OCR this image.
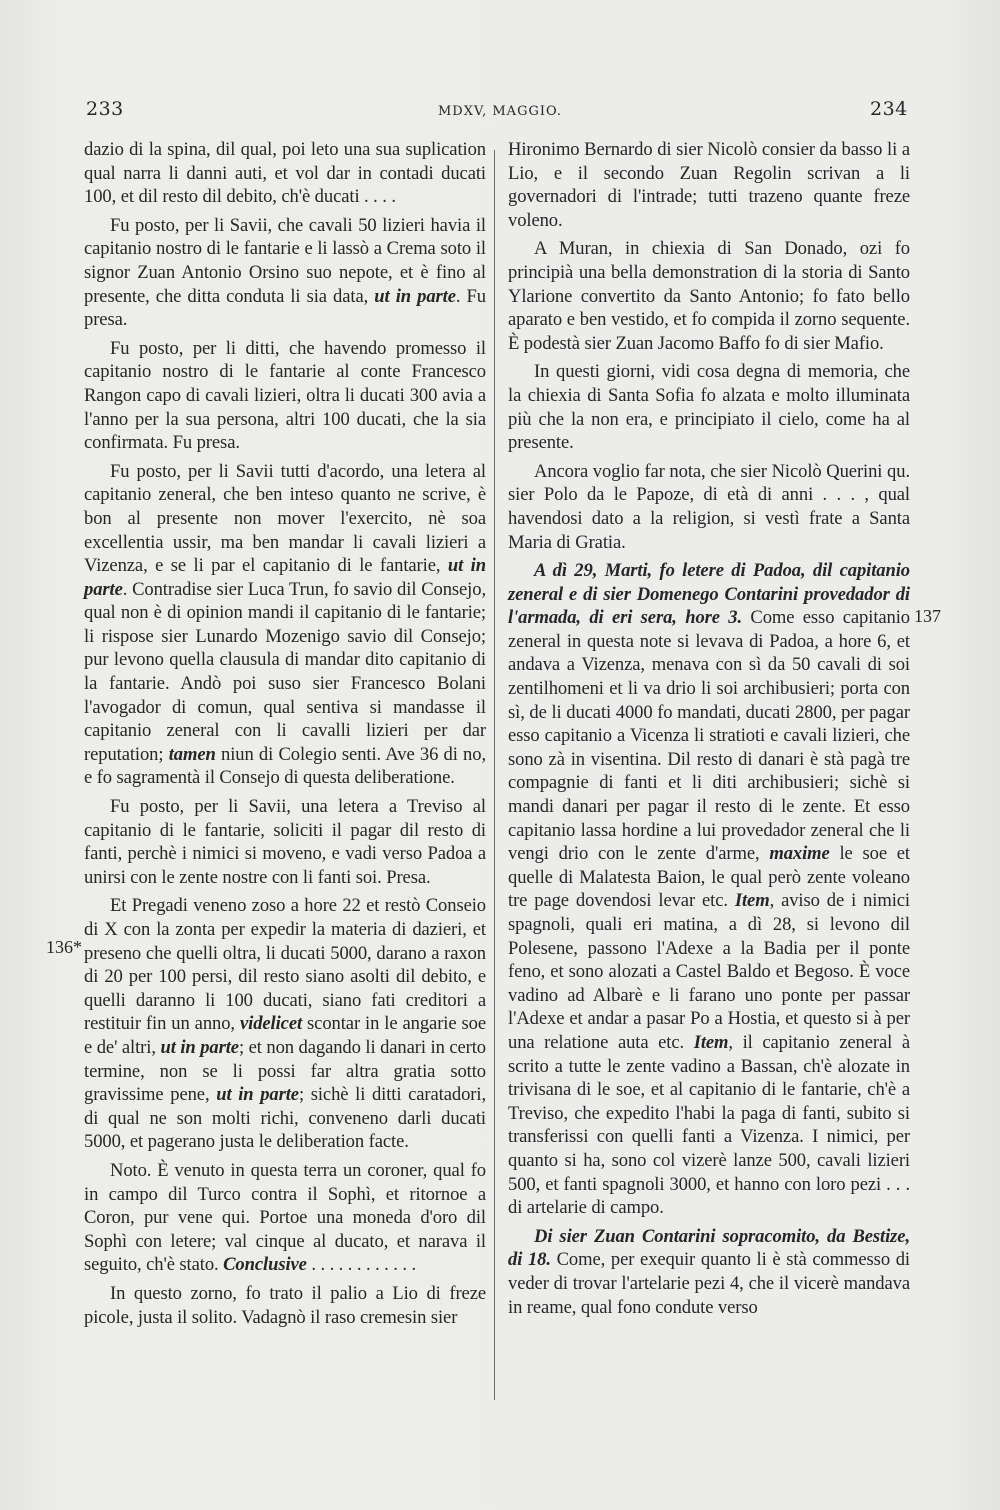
233	MDXV, MAGGIO.	234
136*
137

dazio di la spina, dil qual, poi leto una sua suplication qual narra li danni auti, et vol dar in contadi ducati 100, et dil resto dil debito, ch'è ducati . . . .

Fu posto, per li Savii, che cavali 50 lizieri havia il capitanio nostro di le fantarie e li lassò a Crema soto il signor Zuan Antonio Orsino suo nepote, et è fino al presente, che ditta conduta li sia data, ut in parte. Fu presa.

Fu posto, per li ditti, che havendo promesso il capitanio nostro di le fantarie al conte Francesco Rangon capo di cavali lizieri, oltra li ducati 300 avia a l'anno per la sua persona, altri 100 ducati, che la sia confirmata. Fu presa.

Fu posto, per li Savii tutti d'acordo, una letera al capitanio zeneral, che ben inteso quanto ne scrive, è bon al presente non mover l'exercito, nè soa excellentia ussir, ma ben mandar li cavali lizieri a Vizenza, e se li par el capitanio di le fantarie, ut in parte. Contradise sier Luca Trun, fo savio dil Consejo, qual non è di opinion mandi il capitanio di le fantarie; li rispose sier Lunardo Mozenigo savio dil Consejo; pur levono quella clausula di mandar dito capitanio di la fantarie. Andò poi suso sier Francesco Bolani l'avogador di comun, qual sentiva si mandasse il capitanio zeneral con li cavalli lizieri per dar reputation; tamen niun di Colegio senti. Ave 36 di no, e fo sagramentà il Consejo di questa deliberatione.

Fu posto, per li Savii, una letera a Treviso al capitanio di le fantarie, soliciti il pagar dil resto di fanti, perchè i nimici si moveno, e vadi verso Padoa a unirsi con le zente nostre con li fanti soi. Presa.

Et Pregadi veneno zoso a hore 22 et restò Conseio di X con la zonta per expedir la materia di dazieri, et preseno che quelli oltra, li ducati 5000, darano a raxon di 20 per 100 persi, dil resto siano asolti dil debito, e quelli daranno li 100 ducati, siano fati creditori a restituir fin un anno, videlicet scontar in le angarie soe e de' altri, ut in parte; et non dagando li danari in certo termine, non se li possi far altra gratia sotto gravissime pene, ut in parte; sichè li ditti caratadori, di qual ne son molti richi, conveneno darli ducati 5000, et pagerano justa le deliberation facte.

Noto. È venuto in questa terra un coroner, qual fo in campo dil Turco contra il Sophì, et ritornoe a Coron, pur vene qui. Portoe una moneda d'oro dil Sophì con letere; val cinque al ducato, et narava il seguito, ch'è stato. Conclusive . . . . . . . . . . . .

In questo zorno, fo trato il palio a Lio di freze picole, justa il solito. Vadagnò il raso cremesin sier

Hironimo Bernardo di sier Nicolò consier da basso li a Lio, e il secondo Zuan Regolin scrivan a li governadori di l'intrade; tutti trazeno quante freze voleno.

A Muran, in chiexia di San Donado, ozi fo principià una bella demonstration di la storia di Santo Ylarione convertito da Santo Antonio; fo fato bello aparato e ben vestido, et fo compida il zorno sequente. È podestà sier Zuan Jacomo Baffo fo di sier Mafio.

In questi giorni, vidi cosa degna di memoria, che la chiexia di Santa Sofia fo alzata e molto illuminata più che la non era, e principiato il cielo, come ha al presente.

Ancora voglio far nota, che sier Nicolò Querini qu. sier Polo da le Papoze, di età di anni . . . , qual havendosi dato a la religion, si vestì frate a Santa Maria di Gratia.

A dì 29, Marti, fo letere di Padoa, dil capitanio zeneral e di sier Domenego Contarini provedador di l'armada, di eri sera, hore 3. Come esso capitanio zeneral in questa note si levava di Padoa, a hore 6, et andava a Vizenza, menava con sì da 50 cavali di soi zentilhomeni et li va drio li soi archibusieri; porta con sì, de li ducati 4000 fo mandati, ducati 2800, per pagar esso capitanio a Vicenza li stratioti e cavali lizieri, che sono zà in visentina. Dil resto di danari è stà pagà tre compagnie di fanti et li diti archibusieri; sichè si mandi danari per pagar il resto di le zente. Et esso capitanio lassa hordine a lui provedador zeneral che li vengi drio con le zente d'arme, maxime le soe et quelle di Malatesta Baion, le qual però zente voleano tre page dovendosi levar etc. Item, aviso de i nimici spagnoli, quali eri matina, a dì 28, si levono dil Polesene, passono l'Adexe a la Badia per il ponte feno, et sono alozati a Castel Baldo et Begoso. È voce vadino ad Albarè e li farano uno ponte per passar l'Adexe et andar a pasar Po a Hostia, et questo si à per una relatione auta etc. Item, il capitanio zeneral à scrito a tutte le zente vadino a Bassan, ch'è alozate in trivisana di le soe, et al capitanio di le fantarie, ch'è a Treviso, che expedito l'habi la paga di fanti, subito si transferissi con quelli fanti a Vizenza. I nimici, per quanto si ha, sono col vizerè lanze 500, cavali lizieri 500, et fanti spagnoli 3000, et hanno con loro pezi . . . di artelarie di campo.

Di sier Zuan Contarini sopracomito, da Bestize, di 18. Come, per exequir quanto li è stà commesso di veder di trovar l'artelarie pezi 4, che il vicerè mandava in reame, qual fono condute verso
